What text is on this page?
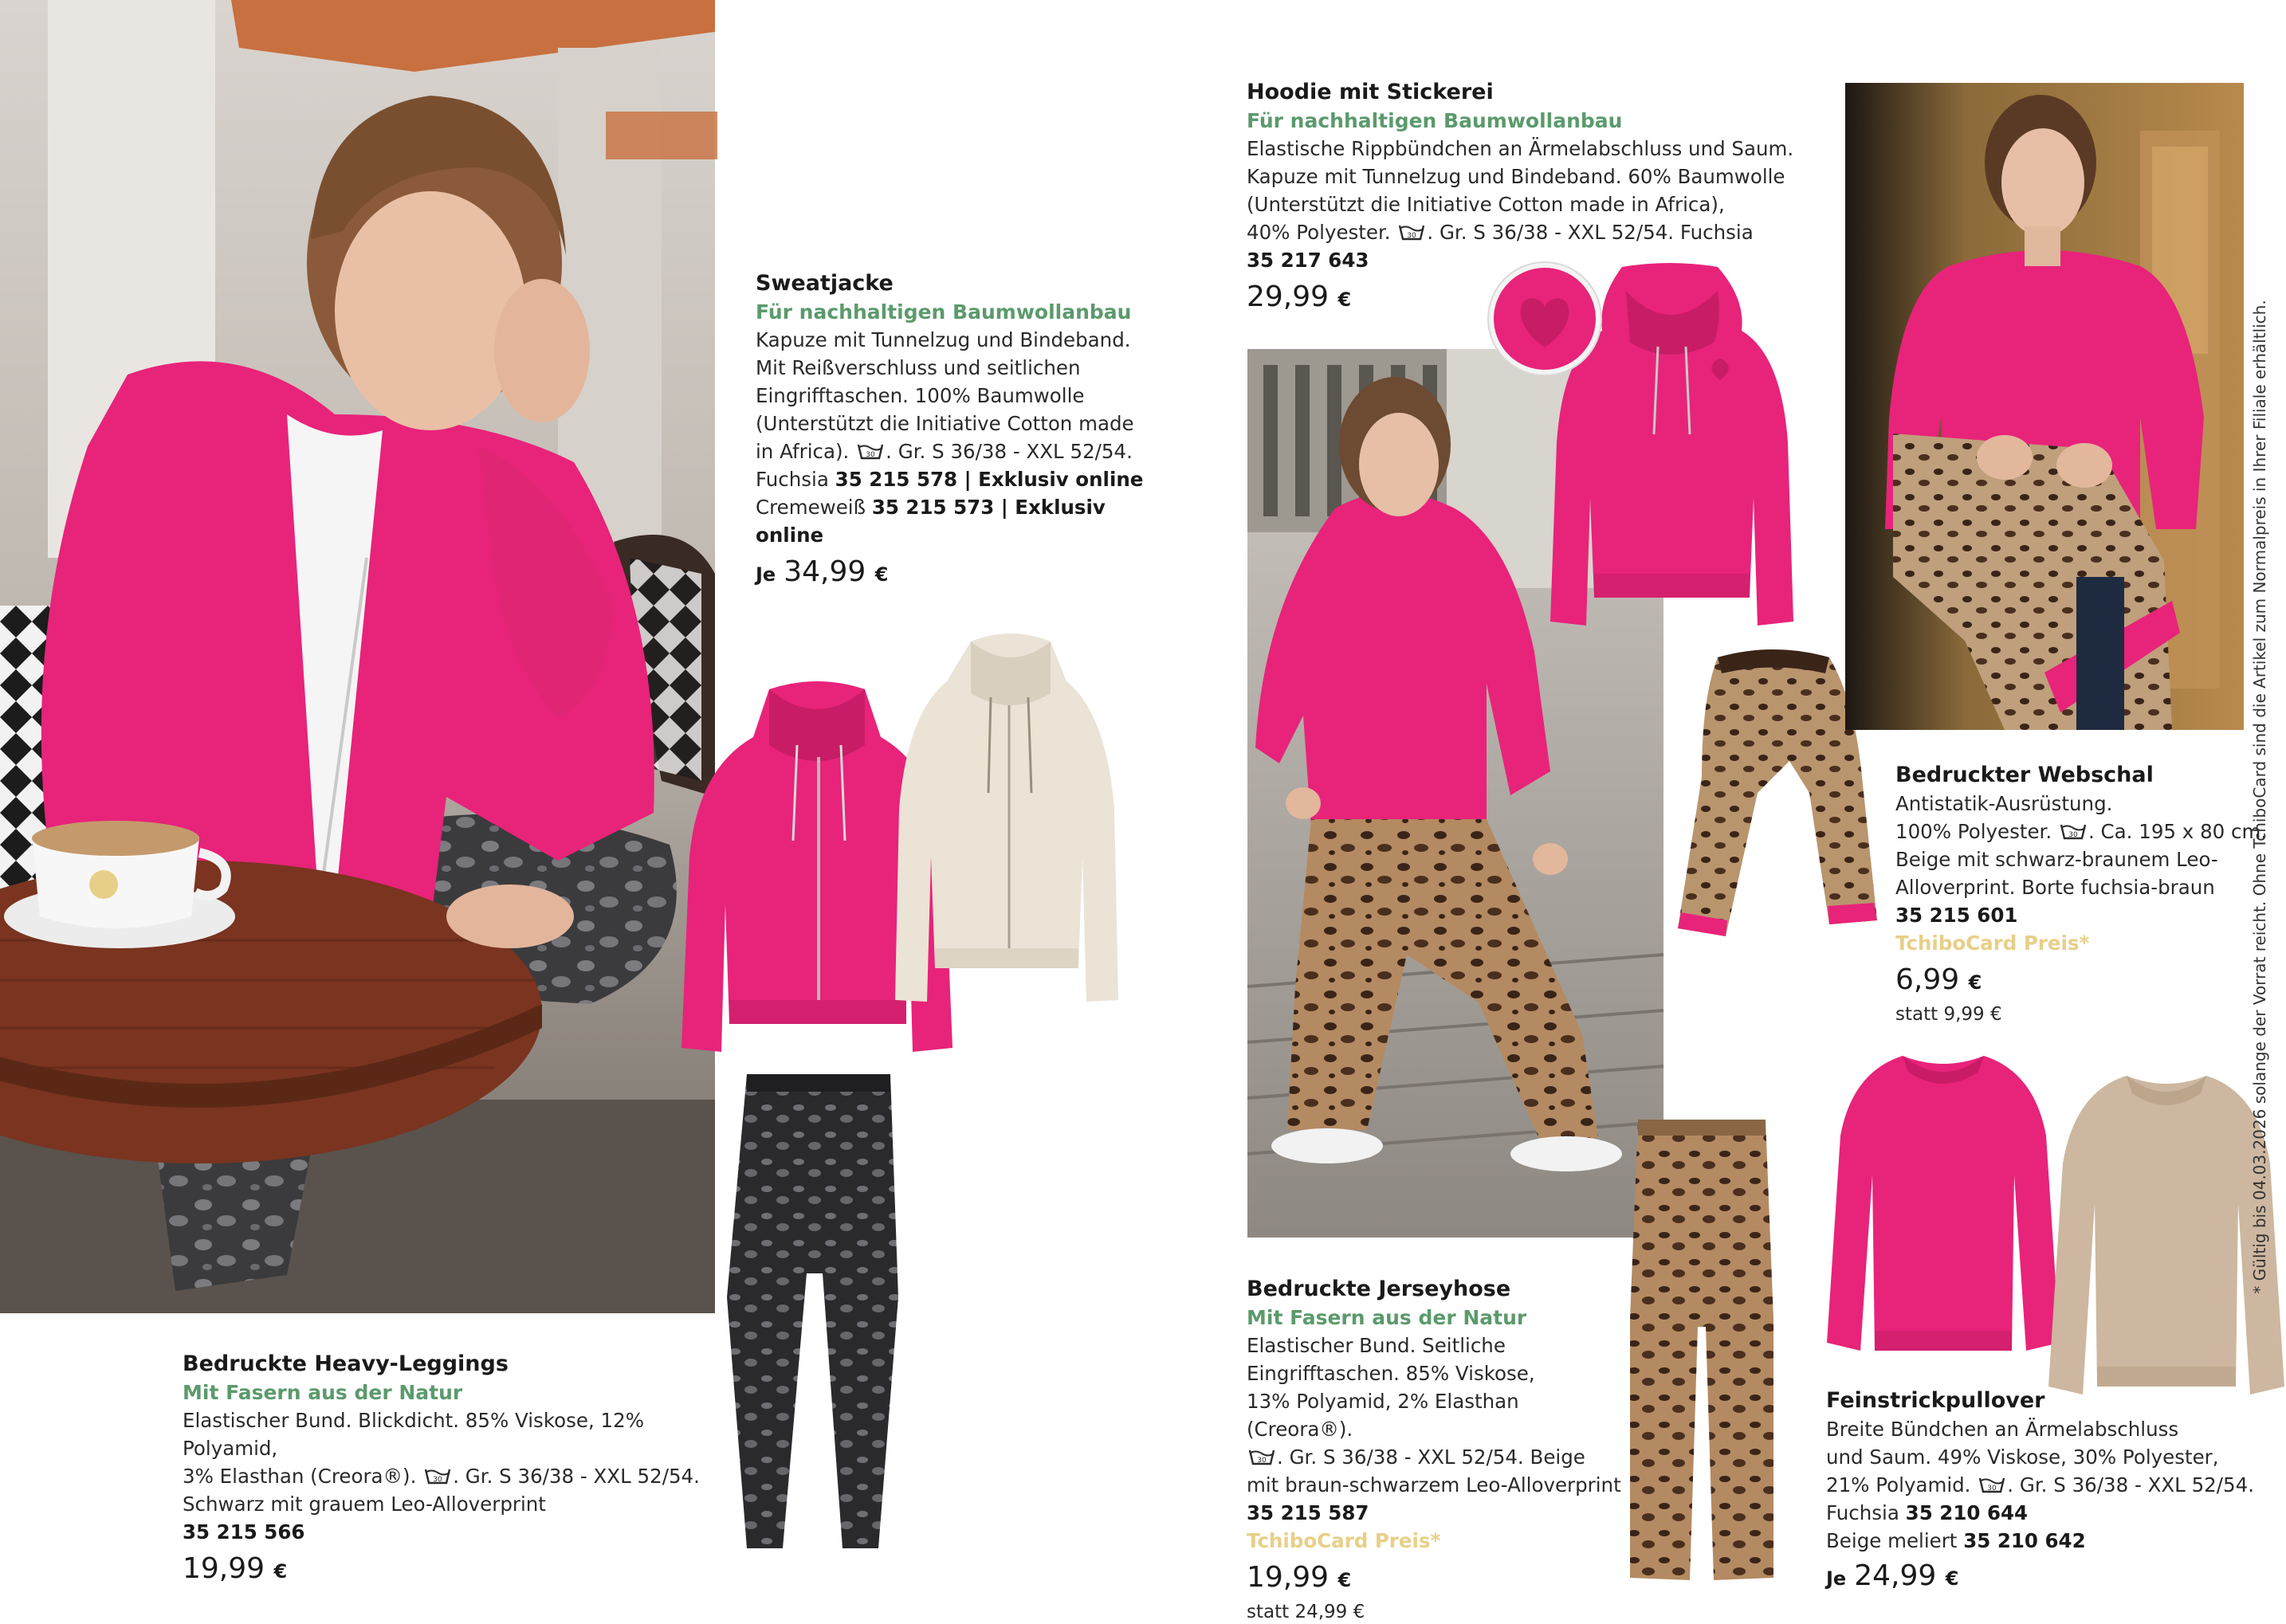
Sweatjacke
Für nachhaltigen Baumwollanbau
Kapuze mit Tunnelzug und Bindeband.
Mit Reißverschluss und seitlichen
Eingrifftaschen. 100% Baumwolle
(Unterstützt die Initiative Cotton made
in Africa). 30 . Gr. S 36/38 - XXL 52/54.
Fuchsia 35 215 578 | Exklusiv online
Cremeweiß 35 215 573 | Exklusiv
online
Je 34,99 €
Hoodie mit Stickerei
Für nachhaltigen Baumwollanbau
Elastische Rippbündchen an Ärmelabschluss und Saum.
Kapuze mit Tunnelzug und Bindeband. 60% Baumwolle
(Unterstützt die Initiative Cotton made in Africa),
40% Polyester. 30 . Gr. S 36/38 - XXL 52/54. Fuchsia
35 217 643
29,99 €
Bedruckter Webschal
Antistatik-Ausrüstung.
100% Polyester. 30 . Ca. 195 x 80 cm.
Beige mit schwarz-braunem Leo-
Alloverprint. Borte fuchsia-braun
35 215 601
TchiboCard Preis*
6,99 €
statt 9,99 €
Bedruckte Heavy-Leggings
Mit Fasern aus der Natur
Elastischer Bund. Blickdicht. 85% Viskose, 12% Polyamid,
3% Elasthan (Creora®). 30 . Gr. S 36/38 - XXL 52/54.
Schwarz mit grauem Leo-Alloverprint
35 215 566
19,99 €
Bedruckte Jerseyhose
Mit Fasern aus der Natur
Elastischer Bund. Seitliche
Eingrifftaschen. 85% Viskose,
13% Polyamid, 2% Elasthan (Creora®).
30 . Gr. S 36/38 - XXL 52/54. Beige
mit braun-schwarzem Leo-Alloverprint
35 215 587
TchiboCard Preis*
19,99 €
statt 24,99 €
Feinstrickpullover
Breite Bündchen an Ärmelabschluss
und Saum. 49% Viskose, 30% Polyester,
21% Polyamid. 30 . Gr. S 36/38 - XXL 52/54.
Fuchsia 35 210 644
Beige meliert 35 210 642
Je 24,99 €
* Gültig bis 04.03.2026 solange der Vorrat reicht. Ohne TchiboCard sind die Artikel zum Normalpreis in Ihrer Filiale erhältlich.
